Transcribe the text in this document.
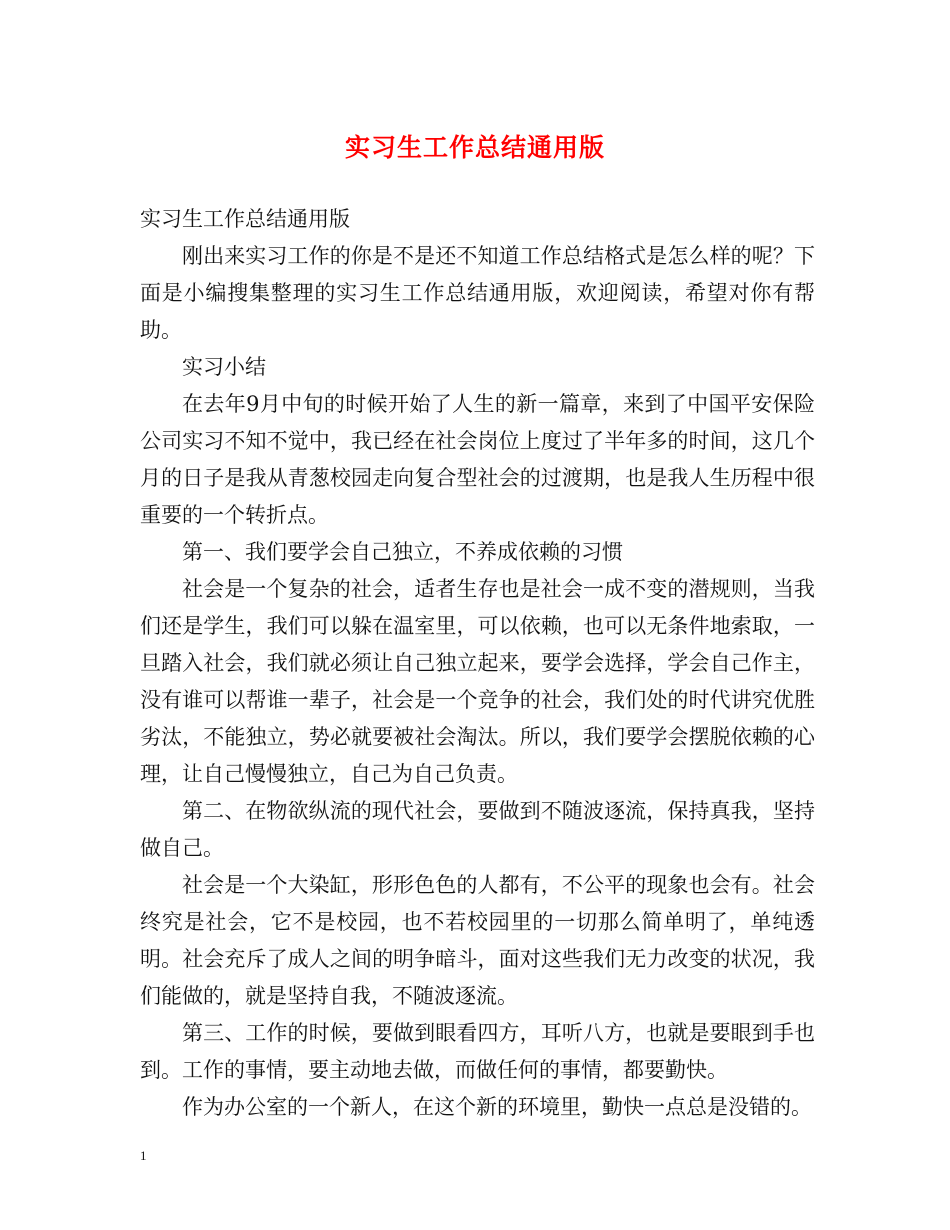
实习生工作总结通用版

实习生工作总结通用版

刚出来实习工作的你是不是还不知道工作总结格式是怎么样的呢？下面是小编搜集整理的实习生工作总结通用版，欢迎阅读，希望对你有帮助。

实习小结

在去年9月中旬的时候开始了人生的新一篇章，来到了中国平安保险公司实习不知不觉中，我已经在社会岗位上度过了半年多的时间，这几个月的日子是我从青葱校园走向复合型社会的过渡期，也是我人生历程中很重要的一个转折点。

第一、我们要学会自己独立，不养成依赖的习惯

社会是一个复杂的社会，适者生存也是社会一成不变的潜规则，当我们还是学生，我们可以躲在温室里，可以依赖，也可以无条件地索取，一旦踏入社会，我们就必须让自己独立起来，要学会选择，学会自己作主，没有谁可以帮谁一辈子，社会是一个竞争的社会，我们处的时代讲究优胜劣汰，不能独立，势必就要被社会淘汰。所以，我们要学会摆脱依赖的心理，让自己慢慢独立，自己为自己负责。

第二、在物欲纵流的现代社会，要做到不随波逐流，保持真我，坚持做自己。

社会是一个大染缸，形形色色的人都有，不公平的现象也会有。社会终究是社会，它不是校园，也不若校园里的一切那么简单明了，单纯透明。社会充斥了成人之间的明争暗斗，面对这些我们无力改变的状况，我们能做的，就是坚持自我，不随波逐流。

第三、工作的时候，要做到眼看四方，耳听八方，也就是要眼到手也到。工作的事情，要主动地去做，而做任何的事情，都要勤快。

作为办公室的一个新人，在这个新的环境里，勤快一点总是没错的。

1
